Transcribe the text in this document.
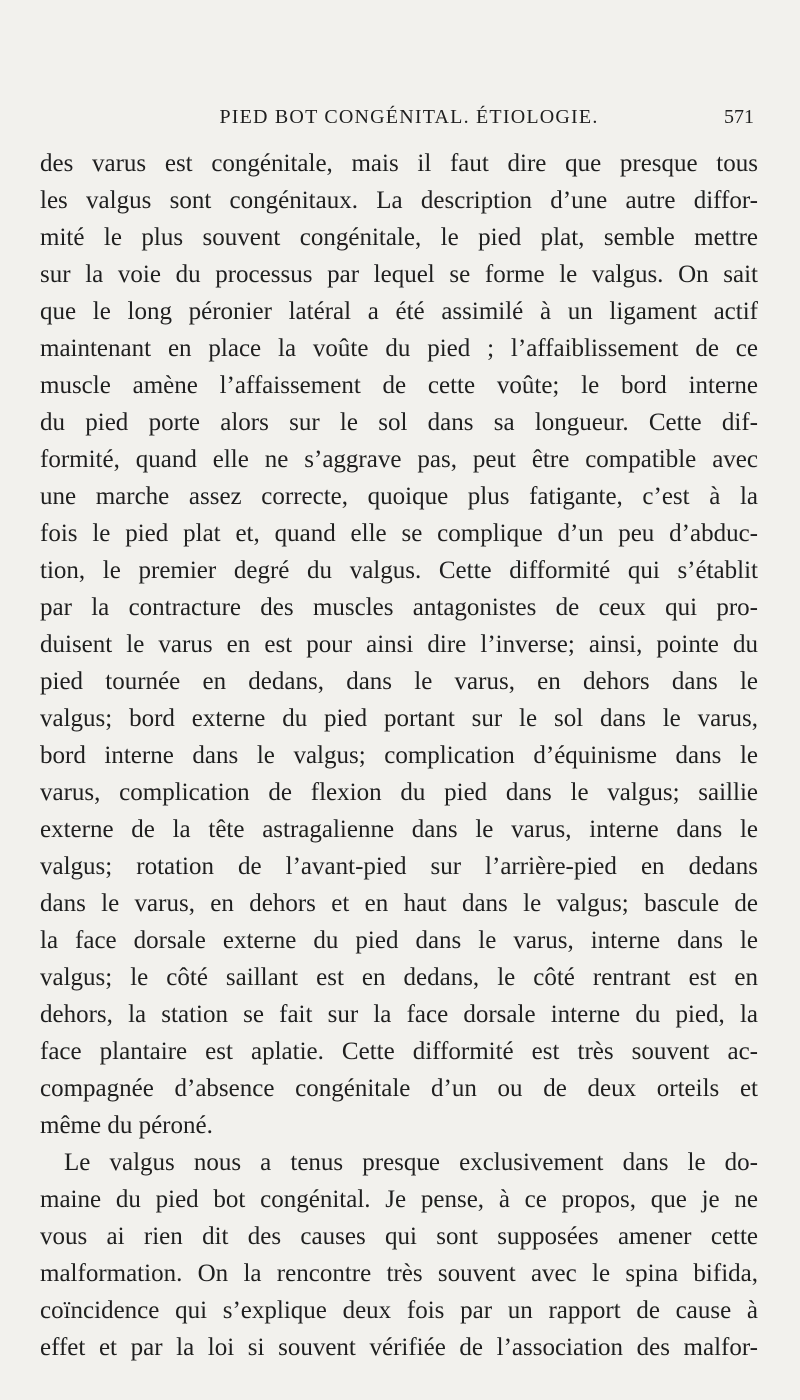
PIED BOT CONGÉNITAL. ÉTIOLOGIE.	571
des varus est congénitale, mais il faut dire que presque tous
les valgus sont congénitaux. La description d’une autre diffor-
mité le plus souvent congénitale, le pied plat, semble mettre
sur la voie du processus par lequel se forme le valgus. On sait
que le long péronier latéral a été assimilé à un ligament actif
maintenant en place la voûte du pied ; l’affaiblissement de ce
muscle amène l’affaissement de cette voûte; le bord interne
du pied porte alors sur le sol dans sa longueur. Cette dif-
formité, quand elle ne s’aggrave pas, peut être compatible avec
une marche assez correcte, quoique plus fatigante, c’est à la
fois le pied plat et, quand elle se complique d’un peu d’abduc-
tion, le premier degré du valgus. Cette difformité qui s’établit
par la contracture des muscles antagonistes de ceux qui pro-
duisent le varus en est pour ainsi dire l’inverse; ainsi, pointe du
pied tournée en dedans, dans le varus, en dehors dans le
valgus; bord externe du pied portant sur le sol dans le varus,
bord interne dans le valgus; complication d’équinisme dans le
varus, complication de flexion du pied dans le valgus; saillie
externe de la tête astragalienne dans le varus, interne dans le
valgus; rotation de l’avant-pied sur l’arrière-pied en dedans
dans le varus, en dehors et en haut dans le valgus; bascule de
la face dorsale externe du pied dans le varus, interne dans le
valgus; le côté saillant est en dedans, le côté rentrant est en
dehors, la station se fait sur la face dorsale interne du pied, la
face plantaire est aplatie. Cette difformité est très souvent ac-
compagnée d’absence congénitale d’un ou de deux orteils et
même du péroné.
Le valgus nous a tenus presque exclusivement dans le do-
maine du pied bot congénital. Je pense, à ce propos, que je ne
vous ai rien dit des causes qui sont supposées amener cette
malformation. On la rencontre très souvent avec le spina bifida,
coïncidence qui s’explique deux fois par un rapport de cause à
effet et par la loi si souvent vérifiée de l’association des malfor-
